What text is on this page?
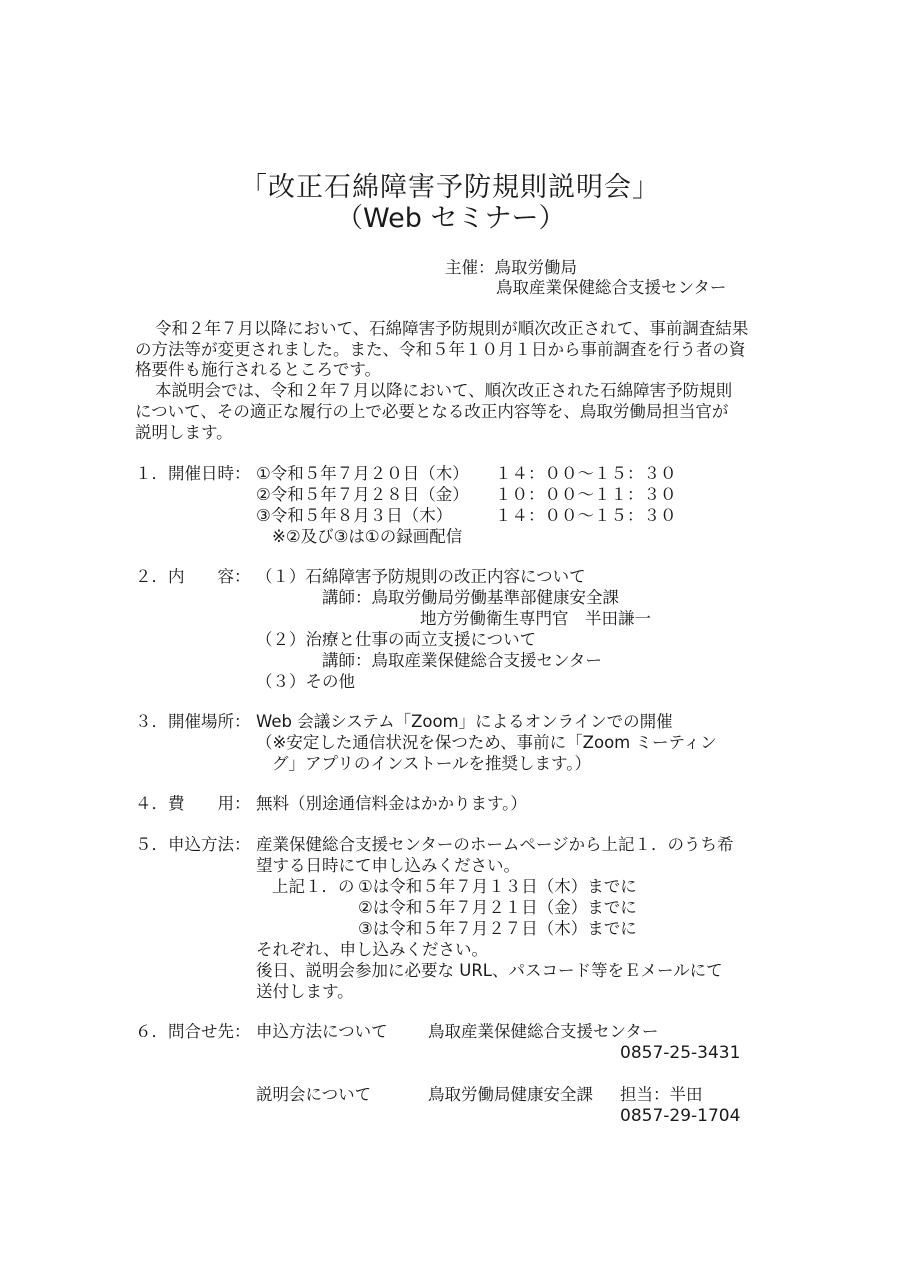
「改正石綿障害予防規則説明会」
（Web セミナー）
主催：鳥取労働局
鳥取産業保健総合支援センター
令和２年７月以降において、石綿障害予防規則が順次改正されて、事前調査結果
の方法等が変更されました。また、令和５年１０月１日から事前調査を行う者の資
格要件も施行されるところです。
本説明会では、令和２年７月以降において、順次改正された石綿障害予防規則
について、その適正な履行の上で必要となる改正内容等を、鳥取労働局担当官が
説明します。
１．開催日時： ①令和５年７月２０日（木） １４：００～１５：３０
②令和５年７月２８日（金） １０：００～１１：３０
③令和５年８月３日（木）	１４：００～１５：３０
※②及び③は①の録画配信
２．内　　容： （１）石綿障害予防規則の改正内容について
講師：鳥取労働局労働基準部健康安全課
地方労働衛生専門官　半田謙一
（２）治療と仕事の両立支援について
講師：鳥取産業保健総合支援センター
（３）その他
３．開催場所： Web 会議システム「Zoom」によるオンラインでの開催
（※安定した通信状況を保つため、事前に「Zoom ミーティン
グ」アプリのインストールを推奨します。）
４．費　　用： 無料（別途通信料金はかかります。）
５．申込方法： 産業保健総合支援センターのホームページから上記１．のうち希
望する日時にて申し込みください。
上記１．の ①は令和５年７月１３日（木）までに
②は令和５年７月２１日（金）までに
③は令和５年７月２７日（木）までに
それぞれ、申し込みください。
後日、説明会参加に必要な URL、パスコード等をＥメールにて
送付します。
６．問合せ先： 申込方法について 鳥取産業保健総合支援センター
0857-25-3431
説明会について	鳥取労働局健康安全課 担当：半田
0857-29-1704
